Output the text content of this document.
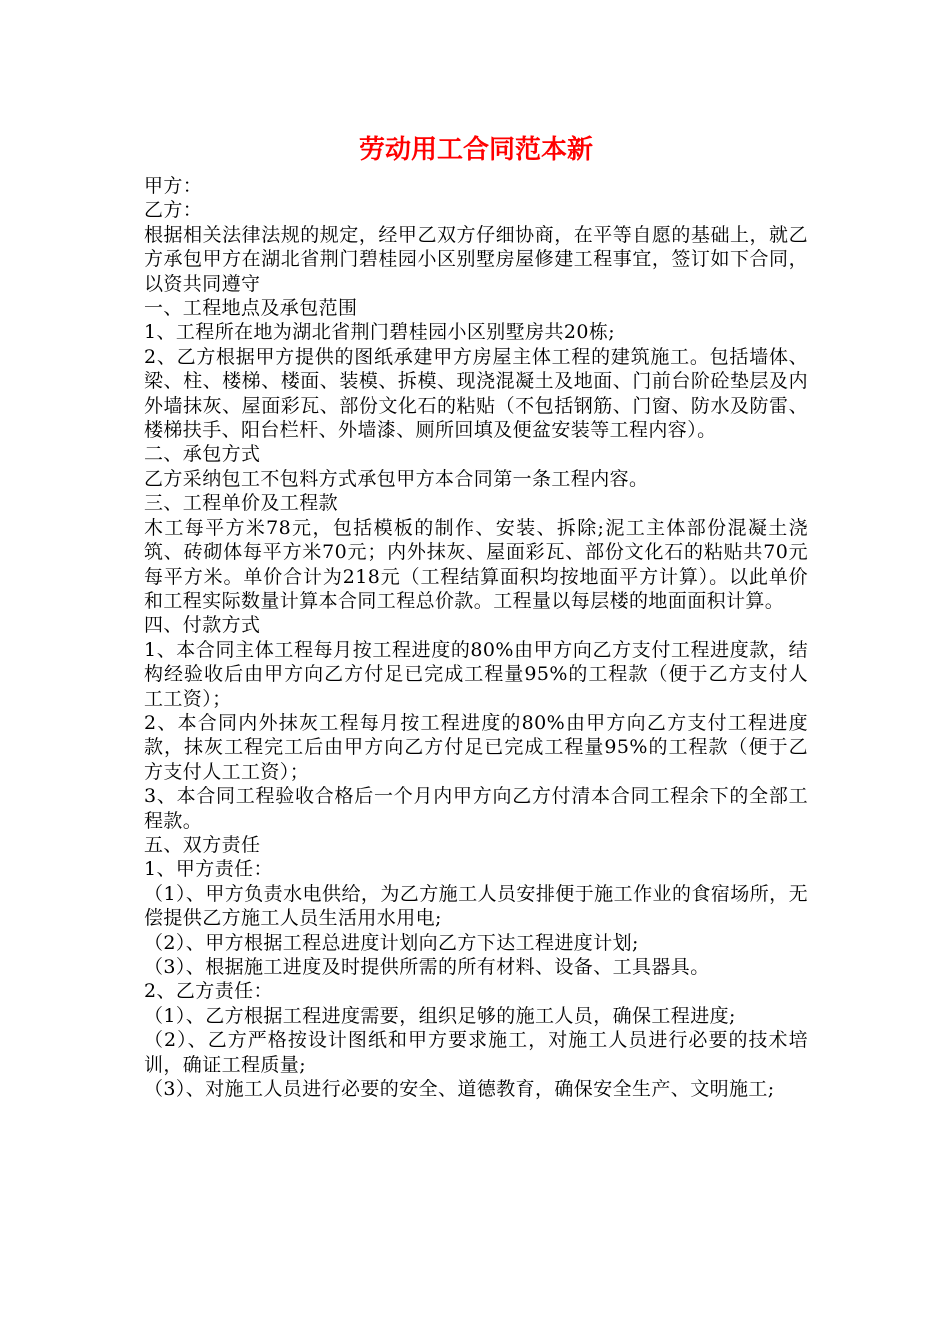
劳动用工合同范本新

甲方：

乙方：

根据相关法律法规的规定，经甲乙双方仔细协商，在平等自愿的基础上，就乙方承包甲方在湖北省荆门碧桂园小区别墅房屋修建工程事宜，签订如下合同，以资共同遵守

一、工程地点及承包范围

1、工程所在地为湖北省荆门碧桂园小区别墅房共20栋;

2、乙方根据甲方提供的图纸承建甲方房屋主体工程的建筑施工。包括墙体、梁、柱、楼梯、楼面、装模、拆模、现浇混凝土及地面、门前台阶砼垫层及内外墙抹灰、屋面彩瓦、部份文化石的粘贴（不包括钢筋、门窗、防水及防雷、楼梯扶手、阳台栏杆、外墙漆、厕所回填及便盆安装等工程内容）。

二、承包方式

乙方采纳包工不包料方式承包甲方本合同第一条工程内容。

三、工程单价及工程款

木工每平方米78元，包括模板的制作、安装、拆除;泥工主体部份混凝土浇筑、砖砌体每平方米70元；内外抹灰、屋面彩瓦、部份文化石的粘贴共70元每平方米。单价合计为218元（工程结算面积均按地面平方计算）。以此单价和工程实际数量计算本合同工程总价款。工程量以每层楼的地面面积计算。

四、付款方式

1、本合同主体工程每月按工程进度的80%由甲方向乙方支付工程进度款，结构经验收后由甲方向乙方付足已完成工程量95%的工程款（便于乙方支付人工工资）；

2、本合同内外抹灰工程每月按工程进度的80%由甲方向乙方支付工程进度款，抹灰工程完工后由甲方向乙方付足已完成工程量95%的工程款（便于乙方支付人工工资）；

3、本合同工程验收合格后一个月内甲方向乙方付清本合同工程余下的全部工程款。

五、双方责任

1、甲方责任：

（1）、甲方负责水电供给，为乙方施工人员安排便于施工作业的食宿场所，无偿提供乙方施工人员生活用水用电;

（2）、甲方根据工程总进度计划向乙方下达工程进度计划;

（3）、根据施工进度及时提供所需的所有材料、设备、工具器具。

2、乙方责任：

（1）、乙方根据工程进度需要，组织足够的施工人员，确保工程进度;

（2）、乙方严格按设计图纸和甲方要求施工，对施工人员进行必要的技术培训，确证工程质量;

（3）、对施工人员进行必要的安全、道德教育，确保安全生产、文明施工;
